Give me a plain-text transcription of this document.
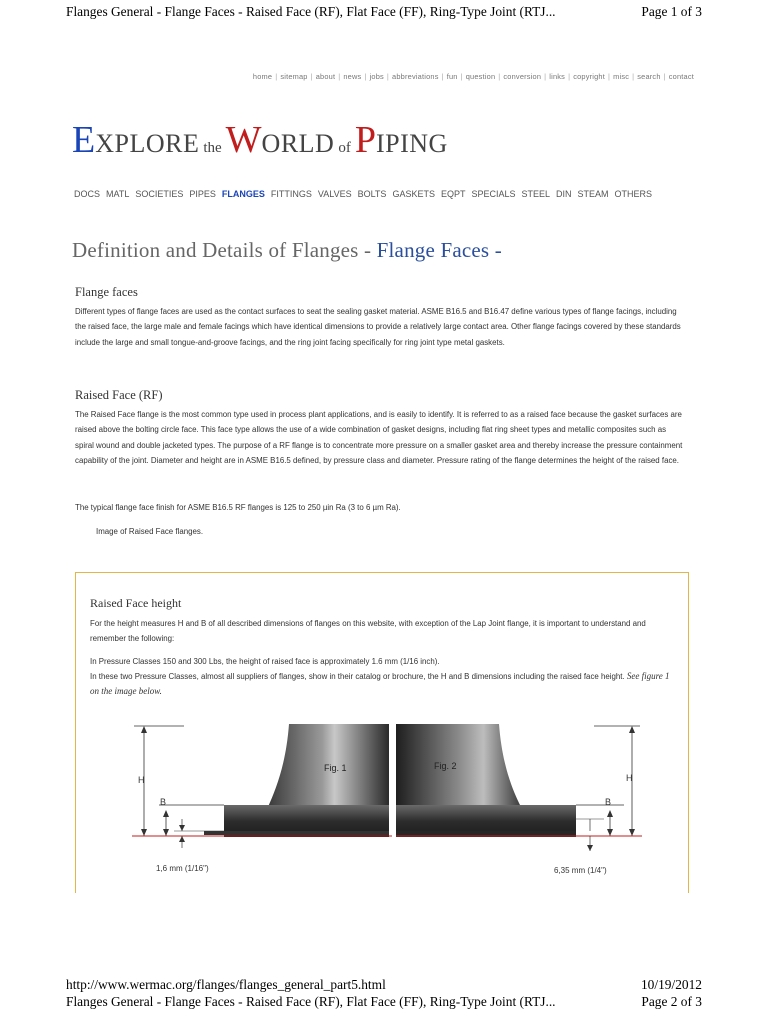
Flanges General - Flange Faces - Raised Face (RF), Flat Face (FF), Ring-Type Joint (RTJ...	Page 1 of 3
home | sitemap | about | news | jobs | abbreviations | fun | question | conversion | links | copyright | misc | search | contact
EXPLORE the WORLD of PIPING
DOCS MATL SOCIETIES PIPES FLANGES FITTINGS VALVES BOLTS GASKETS EQPT SPECIALS STEEL DIN STEAM OTHERS
Definition and Details of Flanges - Flange Faces -
Flange faces
Different types of flange faces are used as the contact surfaces to seat the sealing gasket material. ASME B16.5 and B16.47 define various types of flange facings, including the raised face, the large male and female facings which have identical dimensions to provide a relatively large contact area. Other flange facings covered by these standards include the large and small tongue-and-groove facings, and the ring joint facing specifically for ring joint type metal gaskets.
Raised Face (RF)
The Raised Face flange is the most common type used in process plant applications, and is easily to identify. It is referred to as a raised face because the gasket surfaces are raised above the bolting circle face. This face type allows the use of a wide combination of gasket designs, including flat ring sheet types and metallic composites such as spiral wound and double jacketed types. The purpose of a RF flange is to concentrate more pressure on a smaller gasket area and thereby increase the pressure containment capability of the joint. Diameter and height are in ASME B16.5 defined, by pressure class and diameter. Pressure rating of the flange determines the height of the raised face.
The typical flange face finish for ASME B16.5 RF flanges is 125 to 250 µin Ra (3 to 6 µm Ra).
Image of Raised Face flanges.
Raised Face height
For the height measures H and B of all described dimensions of flanges on this website, with exception of the Lap Joint flange, it is important to understand and remember the following:
In Pressure Classes 150 and 300 Lbs, the height of raised face is approximately 1.6 mm (1/16 inch).
In these two Pressure Classes, almost all suppliers of flanges, show in their catalog or brochure, the H and B dimensions including the raised face height. See figure 1 on the image below.
Fig. 1
H
B
1,6 mm (1/16")
Fig. 2
H
B
6,35 mm (1/4")
http://www.wermac.org/flanges/flanges_general_part5.html	10/19/2012
Flanges General - Flange Faces - Raised Face (RF), Flat Face (FF), Ring-Type Joint (RTJ...	Page 2 of 3
